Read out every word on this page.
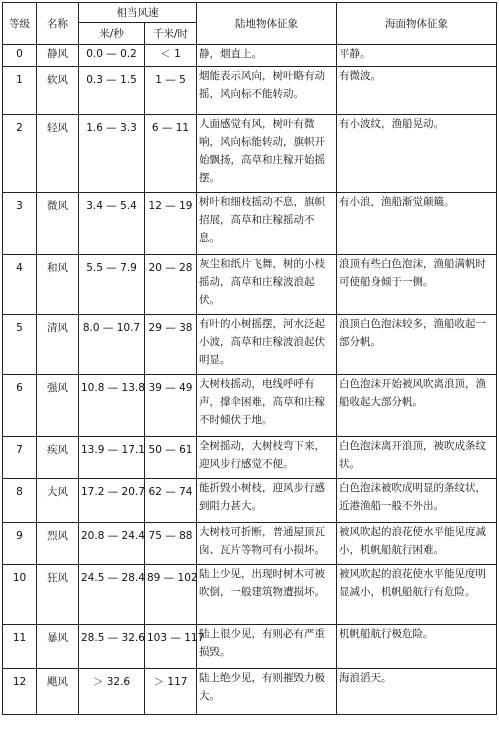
等级	名称	相当风速		陆地物体征象	海面物体征象
		米/秒	千米/时		
0	静风	0.0 — 0.2	＜ 1	静，烟直上。	平静。
1	软风	0.3 — 1.5	1 — 5	烟能表示风向，树叶略有动摇，风向标不能转动。	有微波。
2	轻风	1.6 — 3.3	6 — 11	人面感觉有风，树叶有微响，风向标能转动，旗帜开始飘扬，高草和庄稼开始摇摆。	有小波纹，渔船晃动。
3	微风	3.4 — 5.4	12 — 19	树叶和细枝摇动不息，旗帜招展，高草和庄稼摇动不息。	有小浪，渔船渐觉颠簸。
4	和风	5.5 — 7.9	20 — 28	灰尘和纸片飞舞，树的小枝摇动，高草和庄稼波浪起伏。	浪顶有些白色泡沫，渔船满帆时可使船身倾于一侧。
5	清风	8.0 — 10.7	29 — 38	有叶的小树摇摆，河水泛起小波，高草和庄稼波浪起伏明显。	浪顶白色泡沫较多，渔船收起一部分帆。
6	强风	10.8 — 13.8	39 — 49	大树枝摇动，电线呼呼有声，撑伞困难，高草和庄稼不时倾伏于地。	白色泡沫开始被风吹离浪顶，渔船收起大部分帆。
7	疾风	13.9 — 17.1	50 — 61	全树摇动，大树枝弯下来，迎风步行感觉不便。	白色泡沫离开浪顶，被吹成条纹状。
8	大风	17.2 — 20.7	62 — 74	能折毁小树枝，迎风步行感到阻力甚大。	白色泡沫被吹成明显的条纹状，近港渔船一般不外出。
9	烈风	20.8 — 24.4	75 — 88	大树枝可折断，普通屋顶瓦囱、瓦片等物可有小损坏。	被风吹起的浪花使水平能见度减小，机帆船航行困难。
10	狂风	24.5 — 28.4	89 — 102	陆上少见，出现时树木可被吹倒，一般建筑物遭损坏。	被风吹起的浪花使水平能见度明显减小，机帆船航行有危险。
11	暴风	28.5 — 32.6	103 — 117	陆上很少见，有则必有严重损毁。	机帆船航行极危险。
12	飓风	＞ 32.6	＞ 117	陆上绝少见，有则摧毁力极大。	海浪滔天。
